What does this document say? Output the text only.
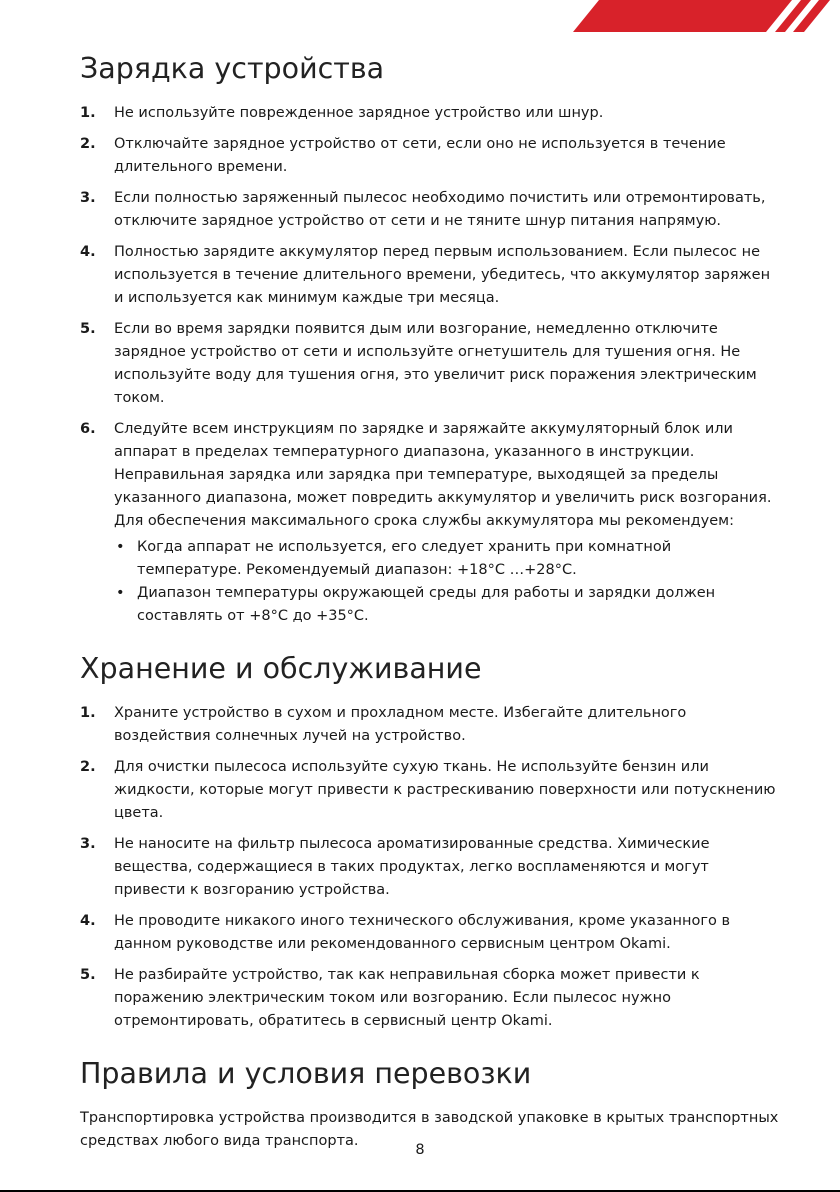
Зарядка устройства
1. Не используйте поврежденное зарядное устройство или шнур.
2. Отключайте зарядное устройство от сети, если оно не используется в течение длительного времени.
3. Если полностью заряженный пылесос необходимо почистить или отремонтировать, отключите зарядное устройство от сети и не тяните шнур питания напрямую.
4. Полностью зарядите аккумулятор перед первым использованием. Если пылесос не используется в течение длительного времени, убедитесь, что аккумулятор заряжен и используется как минимум каждые три месяца.
5. Если во время зарядки появится дым или возгорание, немедленно отключите зарядное устройство от сети и используйте огнетушитель для тушения огня. Не используйте воду для тушения огня, это увеличит риск поражения электрическим током.
6. Следуйте всем инструкциям по зарядке и заряжайте аккумуляторный блок или аппарат в пределах температурного диапазона, указанного в инструкции. Неправильная зарядка или зарядка при температуре, выходящей за пределы указанного диапазона, может повредить аккумулятор и увеличить риск возгорания. Для обеспечения максимального срока службы аккумулятора мы рекомендуем:
• Когда аппарат не используется, его следует хранить при комнатной температуре. Рекомендуемый диапазон: +18°C …+28°C.
• Диапазон температуры окружающей среды для работы и зарядки должен составлять от +8°C до +35°C.
Хранение и обслуживание
1. Храните устройство в сухом и прохладном месте. Избегайте длительного воздействия солнечных лучей на устройство.
2. Для очистки пылесоса используйте сухую ткань. Не используйте бензин или жидкости, которые могут привести к растрескиванию поверхности или потускнению цвета.
3. Не наносите на фильтр пылесоса ароматизированные средства. Химические вещества, содержащиеся в таких продуктах, легко воспламеняются и могут привести к возгоранию устройства.
4. Не проводите никакого иного технического обслуживания, кроме указанного в данном руководстве или рекомендованного сервисным центром Okami.
5. Не разбирайте устройство, так как неправильная сборка может привести к поражению электрическим током или возгоранию. Если пылесос нужно отремонтировать, обратитесь в сервисный центр Okami.
Правила и условия перевозки

Транспортировка устройства производится в заводской упаковке в крытых транспортных средствах любого вида транспорта.

8
